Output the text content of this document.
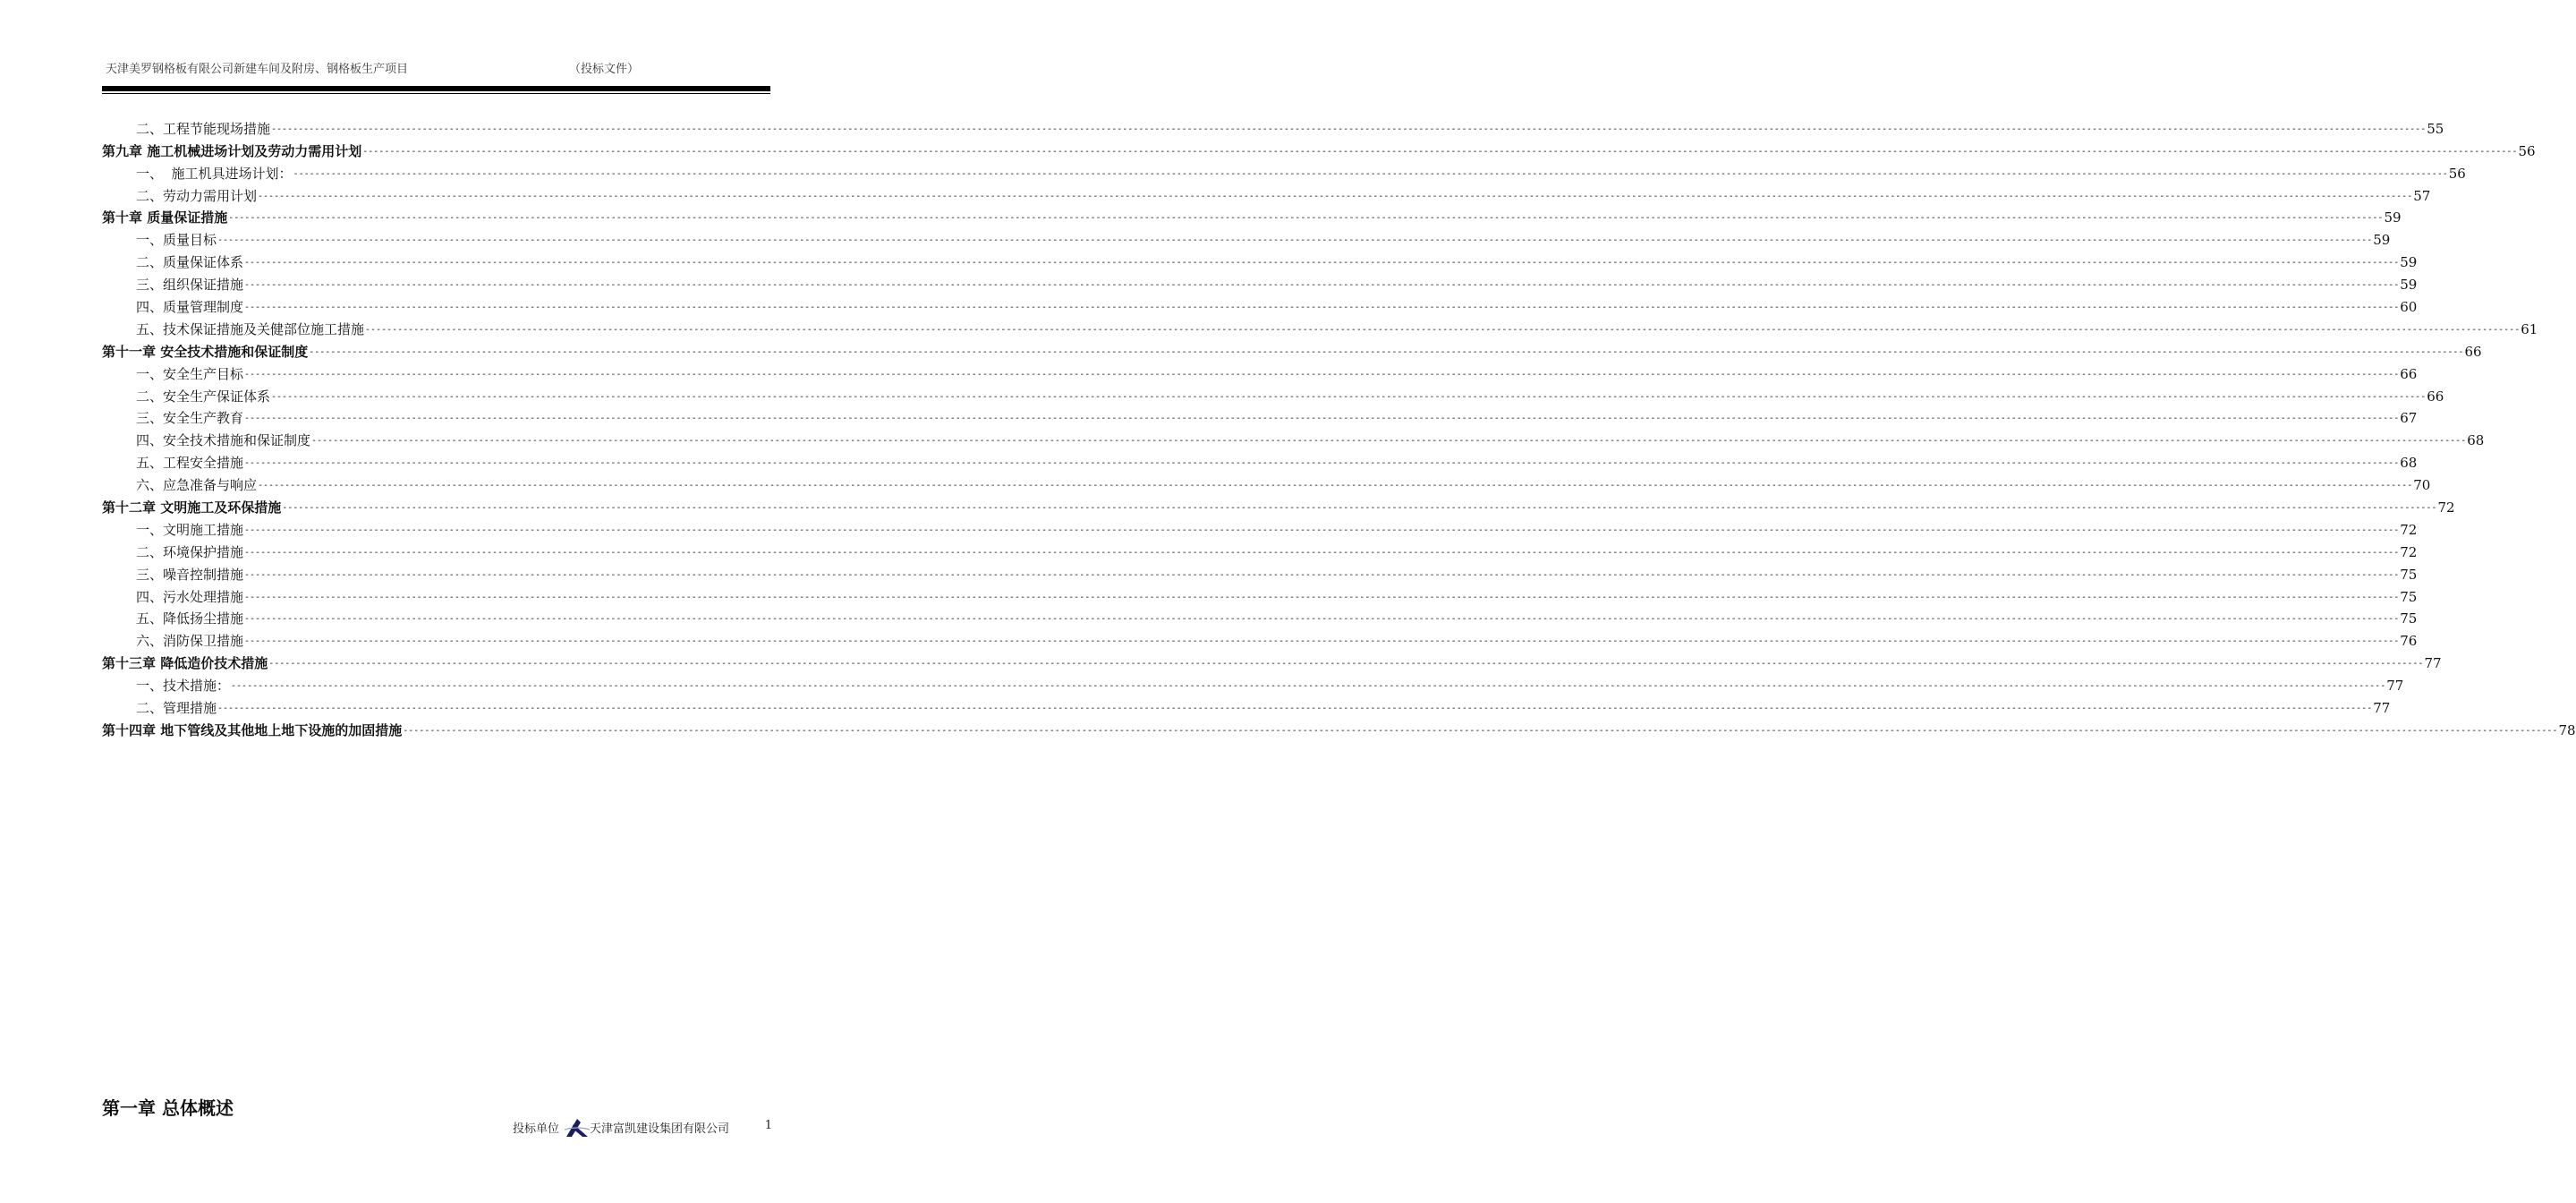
天津美罗钢格板有限公司新建车间及附房、钢格板生产项目	（投标文件）
二、工程节能现场措施 ---------------------------------------------------------------------------------------------------------------------------------------------------------------------------------------------------------------------------------------------------------------------------------------------------------------------------------------------------------------------------------------------------------------- 55
第九章 施工机械进场计划及劳动力需用计划 ---------------------------------------------------------------------------------------------------------------------------------------------------------------------------------------------------------------------------------------------------------------------------------------------------------------------------------------------------------------------------------------------------------------- 56
一、  施工机具进场计划： ---------------------------------------------------------------------------------------------------------------------------------------------------------------------------------------------------------------------------------------------------------------------------------------------------------------------------------------------------------------------------------------------------------------- 56
二、劳动力需用计划 ---------------------------------------------------------------------------------------------------------------------------------------------------------------------------------------------------------------------------------------------------------------------------------------------------------------------------------------------------------------------------------------------------------------- 57
第十章 质量保证措施 ---------------------------------------------------------------------------------------------------------------------------------------------------------------------------------------------------------------------------------------------------------------------------------------------------------------------------------------------------------------------------------------------------------------- 59
一、质量目标 ---------------------------------------------------------------------------------------------------------------------------------------------------------------------------------------------------------------------------------------------------------------------------------------------------------------------------------------------------------------------------------------------------------------- 59
二、质量保证体系 ---------------------------------------------------------------------------------------------------------------------------------------------------------------------------------------------------------------------------------------------------------------------------------------------------------------------------------------------------------------------------------------------------------------- 59
三、组织保证措施 ---------------------------------------------------------------------------------------------------------------------------------------------------------------------------------------------------------------------------------------------------------------------------------------------------------------------------------------------------------------------------------------------------------------- 59
四、质量管理制度 ---------------------------------------------------------------------------------------------------------------------------------------------------------------------------------------------------------------------------------------------------------------------------------------------------------------------------------------------------------------------------------------------------------------- 60
五、技术保证措施及关健部位施工措施 ---------------------------------------------------------------------------------------------------------------------------------------------------------------------------------------------------------------------------------------------------------------------------------------------------------------------------------------------------------------------------------------------------------------- 61
第十一章 安全技术措施和保证制度 ---------------------------------------------------------------------------------------------------------------------------------------------------------------------------------------------------------------------------------------------------------------------------------------------------------------------------------------------------------------------------------------------------------------- 66
一、安全生产目标 ---------------------------------------------------------------------------------------------------------------------------------------------------------------------------------------------------------------------------------------------------------------------------------------------------------------------------------------------------------------------------------------------------------------- 66
二、安全生产保证体系 ---------------------------------------------------------------------------------------------------------------------------------------------------------------------------------------------------------------------------------------------------------------------------------------------------------------------------------------------------------------------------------------------------------------- 66
三、安全生产教育 ---------------------------------------------------------------------------------------------------------------------------------------------------------------------------------------------------------------------------------------------------------------------------------------------------------------------------------------------------------------------------------------------------------------- 67
四、安全技术措施和保证制度 ---------------------------------------------------------------------------------------------------------------------------------------------------------------------------------------------------------------------------------------------------------------------------------------------------------------------------------------------------------------------------------------------------------------- 68
五、工程安全措施 ---------------------------------------------------------------------------------------------------------------------------------------------------------------------------------------------------------------------------------------------------------------------------------------------------------------------------------------------------------------------------------------------------------------- 68
六、应急准备与响应 ---------------------------------------------------------------------------------------------------------------------------------------------------------------------------------------------------------------------------------------------------------------------------------------------------------------------------------------------------------------------------------------------------------------- 70
第十二章 文明施工及环保措施 ---------------------------------------------------------------------------------------------------------------------------------------------------------------------------------------------------------------------------------------------------------------------------------------------------------------------------------------------------------------------------------------------------------------- 72
一、文明施工措施 ---------------------------------------------------------------------------------------------------------------------------------------------------------------------------------------------------------------------------------------------------------------------------------------------------------------------------------------------------------------------------------------------------------------- 72
二、环境保护措施 ---------------------------------------------------------------------------------------------------------------------------------------------------------------------------------------------------------------------------------------------------------------------------------------------------------------------------------------------------------------------------------------------------------------- 72
三、噪音控制措施 ---------------------------------------------------------------------------------------------------------------------------------------------------------------------------------------------------------------------------------------------------------------------------------------------------------------------------------------------------------------------------------------------------------------- 75
四、污水处理措施 ---------------------------------------------------------------------------------------------------------------------------------------------------------------------------------------------------------------------------------------------------------------------------------------------------------------------------------------------------------------------------------------------------------------- 75
五、降低扬尘措施 ---------------------------------------------------------------------------------------------------------------------------------------------------------------------------------------------------------------------------------------------------------------------------------------------------------------------------------------------------------------------------------------------------------------- 75
六、消防保卫措施 ---------------------------------------------------------------------------------------------------------------------------------------------------------------------------------------------------------------------------------------------------------------------------------------------------------------------------------------------------------------------------------------------------------------- 76
第十三章 降低造价技术措施 ---------------------------------------------------------------------------------------------------------------------------------------------------------------------------------------------------------------------------------------------------------------------------------------------------------------------------------------------------------------------------------------------------------------- 77
一、技术措施： ---------------------------------------------------------------------------------------------------------------------------------------------------------------------------------------------------------------------------------------------------------------------------------------------------------------------------------------------------------------------------------------------------------------- 77
二、管理措施 ---------------------------------------------------------------------------------------------------------------------------------------------------------------------------------------------------------------------------------------------------------------------------------------------------------------------------------------------------------------------------------------------------------------- 77
第十四章 地下管线及其他地上地下设施的加固措施 ---------------------------------------------------------------------------------------------------------------------------------------------------------------------------------------------------------------------------------------------------------------------------------------------------------------------------------------------------------------------------------------------------------------- 78
第一章 总体概述
投标单位	天津富凯建设集团有限公司	1
